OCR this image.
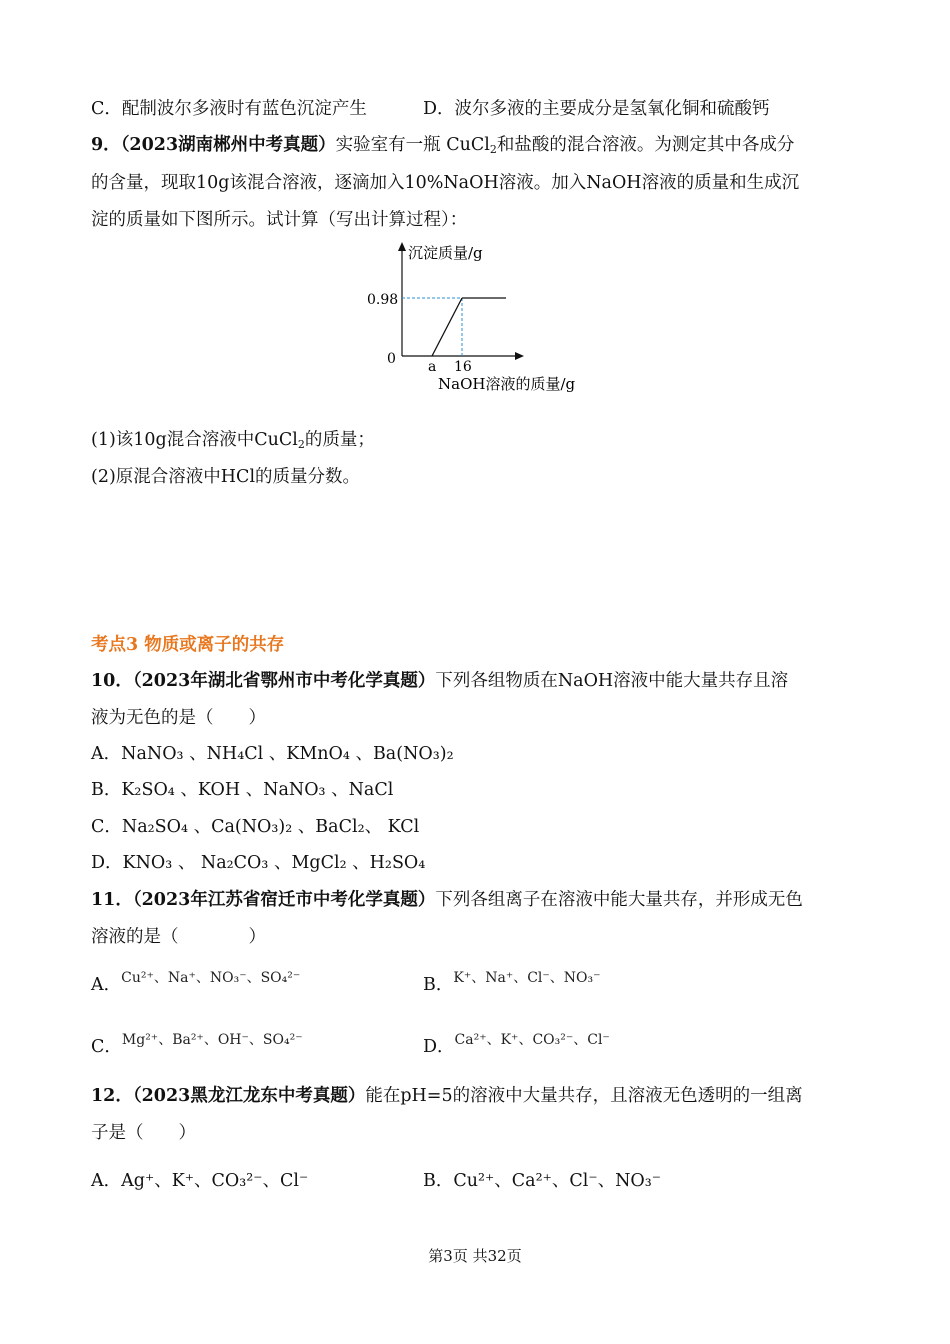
C．配制波尔多液时有蓝色沉淀产生	D．波尔多液的主要成分是氢氧化铜和硫酸钙
9．（2023湖南郴州中考真题）实验室有一瓶 CuCl$_2$和盐酸的混合溶液。为测定其中各成分
的含量，现取10g该混合溶液，逐滴加入10%NaOH溶液。加入NaOH溶液的质量和生成沉
淀的质量如下图所示。试计算（写出计算过程）：
沉淀质量/g
0.98
0 a 16
NaOH溶液的质量/g
(1)该10g混合溶液中CuCl$_2$的质量；
(2)原混合溶液中HCl的质量分数。
考点3 物质或离子的共存
10．（2023年湖北省鄂州市中考化学真题）下列各组物质在NaOH溶液中能大量共存且溶
液为无色的是（　　）
A．NaNO₃ 、NH₄Cl 、KMnO₄ 、Ba(NO₃)₂
B．K₂SO₄ 、KOH 、NaNO₃ 、NaCl
C．Na₂SO₄ 、Ca(NO₃)₂ 、BaCl₂、 KCl
D．KNO₃ 、 Na₂CO₃ 、MgCl₂ 、H₂SO₄
11．（2023年江苏省宿迁市中考化学真题）下列各组离子在溶液中能大量共存，并形成无色
溶液的是（　　　　）
A．Cu²⁺、Na⁺、NO₃⁻、SO₄²⁻	B．K⁺、Na⁺、Cl⁻、NO₃⁻
C．Mg²⁺、Ba²⁺、OH⁻、SO₄²⁻	D．Ca²⁺、K⁺、CO₃²⁻、Cl⁻
12．（2023黑龙江龙东中考真题）能在pH=5的溶液中大量共存，且溶液无色透明的一组离
子是（　　）
A．Ag⁺、K⁺、CO₃²⁻、Cl⁻	B．Cu²⁺、Ca²⁺、Cl⁻、NO₃⁻
第3页 共32页
